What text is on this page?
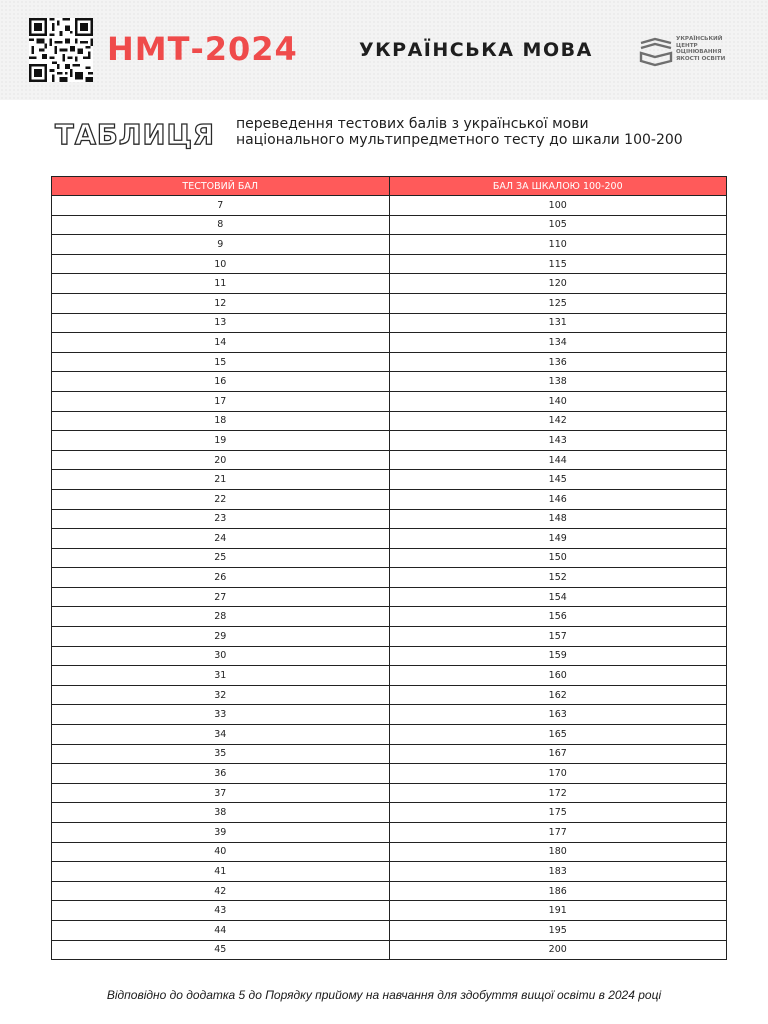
НМТ-2024	УКРАЇНСЬКА МОВА	УКРАЇНСЬКИЙ
ЦЕНТР
ОЦІНЮВАННЯ
ЯКОСТІ ОСВІТИ
ТАБЛИЦЯ переведення тестових балів з української мови
національного мультипредметного тесту до шкали 100-200
ТЕСТОВИЙ БАЛ	БАЛ ЗА ШКАЛОЮ 100-200
7	100
8	105
9	110
10	115
11	120
12	125
13	131
14	134
15	136
16	138
17	140
18	142
19	143
20	144
21	145
22	146
23	148
24	149
25	150
26	152
27	154
28	156
29	157
30	159
31	160
32	162
33	163
34	165
35	167
36	170
37	172
38	175
39	177
40	180
41	183
42	186
43	191
44	195
45	200
Відповідно до додатка 5 до Порядку прийому на навчання для здобуття вищої освіти в 2024 році
